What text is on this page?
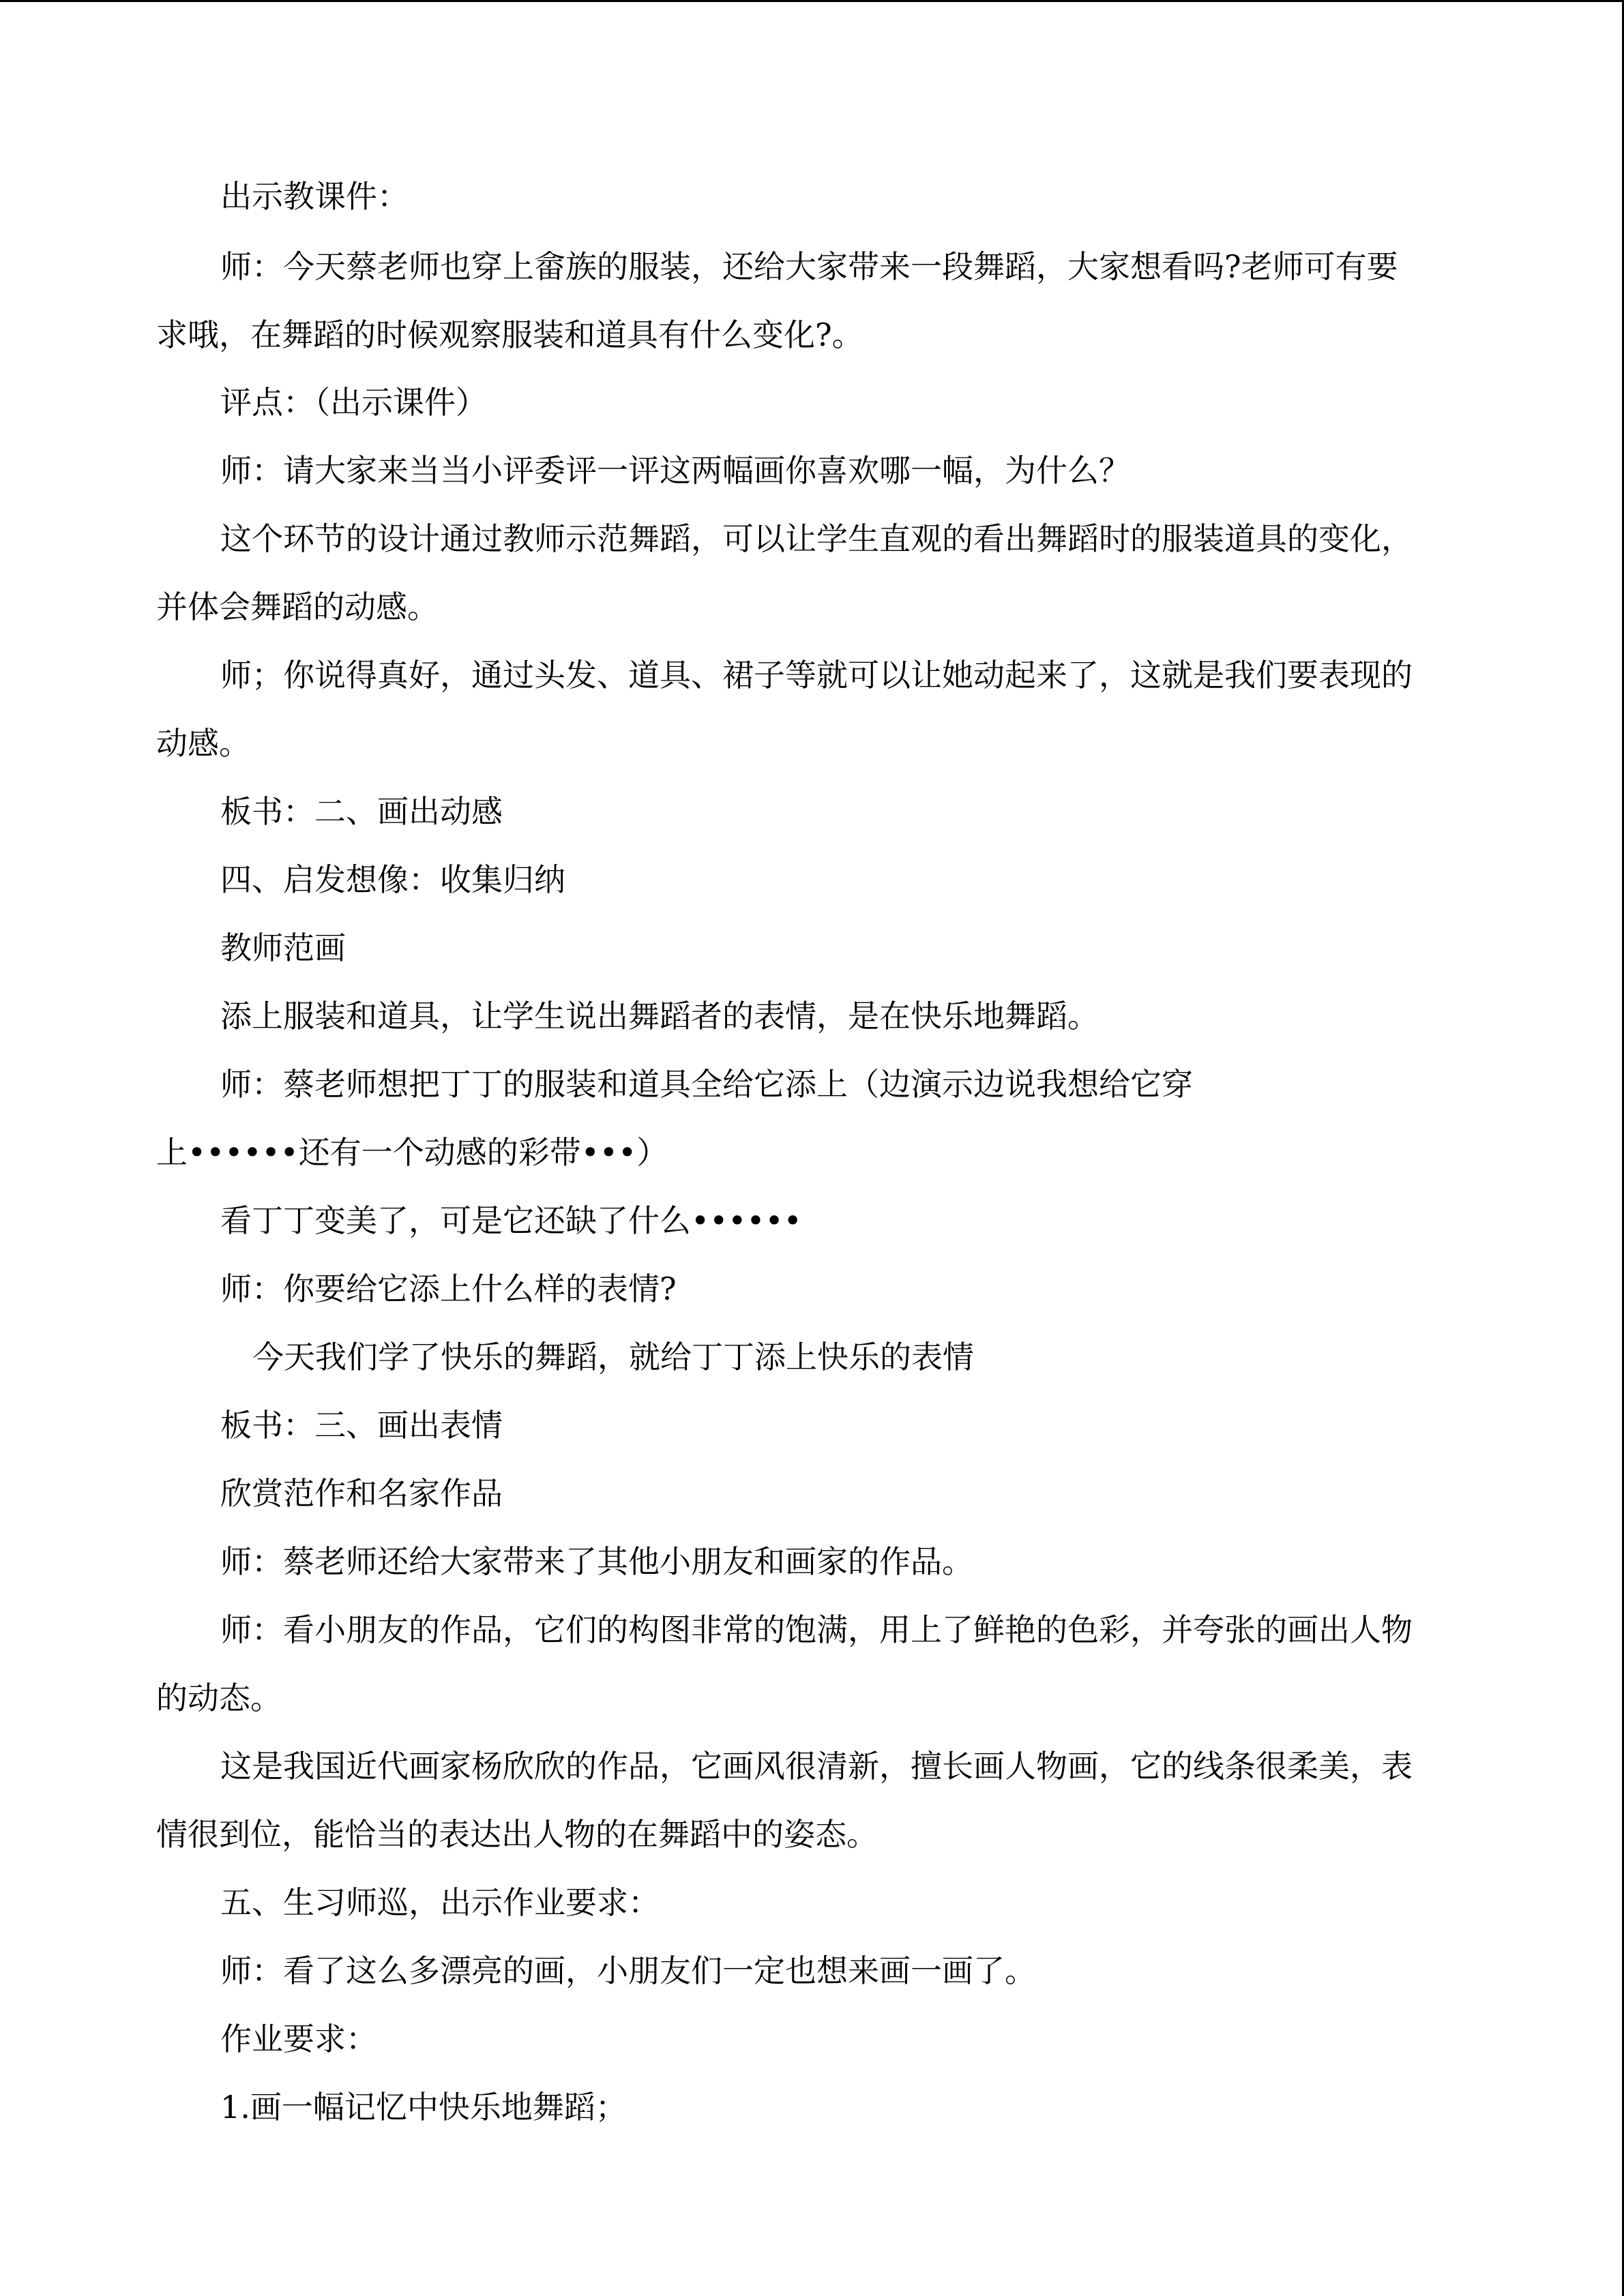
出示教课件：

师：今天蔡老师也穿上畲族的服装，还给大家带来一段舞蹈，大家想看吗?老师可有要

求哦，在舞蹈的时候观察服装和道具有什么变化?。

评点：（出示课件）

师：请大家来当当小评委评一评这两幅画你喜欢哪一幅，为什么？

这个环节的设计通过教师示范舞蹈，可以让学生直观的看出舞蹈时的服装道具的变化，

并体会舞蹈的动感。

师；你说得真好，通过头发、道具、裙子等就可以让她动起来了，这就是我们要表现的

动感。

板书：二、画出动感

四、启发想像：收集归纳

教师范画

添上服装和道具，让学生说出舞蹈者的表情，是在快乐地舞蹈。

师：蔡老师想把丁丁的服装和道具全给它添上（边演示边说我想给它穿

上••••••还有一个动感的彩带•••）

看丁丁变美了，可是它还缺了什么••••••

师：你要给它添上什么样的表情?

今天我们学了快乐的舞蹈，就给丁丁添上快乐的表情

板书：三、画出表情

欣赏范作和名家作品

师：蔡老师还给大家带来了其他小朋友和画家的作品。

师：看小朋友的作品，它们的构图非常的饱满，用上了鲜艳的色彩，并夸张的画出人物

的动态。

这是我国近代画家杨欣欣的作品，它画风很清新，擅长画人物画，它的线条很柔美，表

情很到位，能恰当的表达出人物的在舞蹈中的姿态。

五、生习师巡，出示作业要求：

师：看了这么多漂亮的画，小朋友们一定也想来画一画了。

作业要求：

1.画一幅记忆中快乐地舞蹈；
